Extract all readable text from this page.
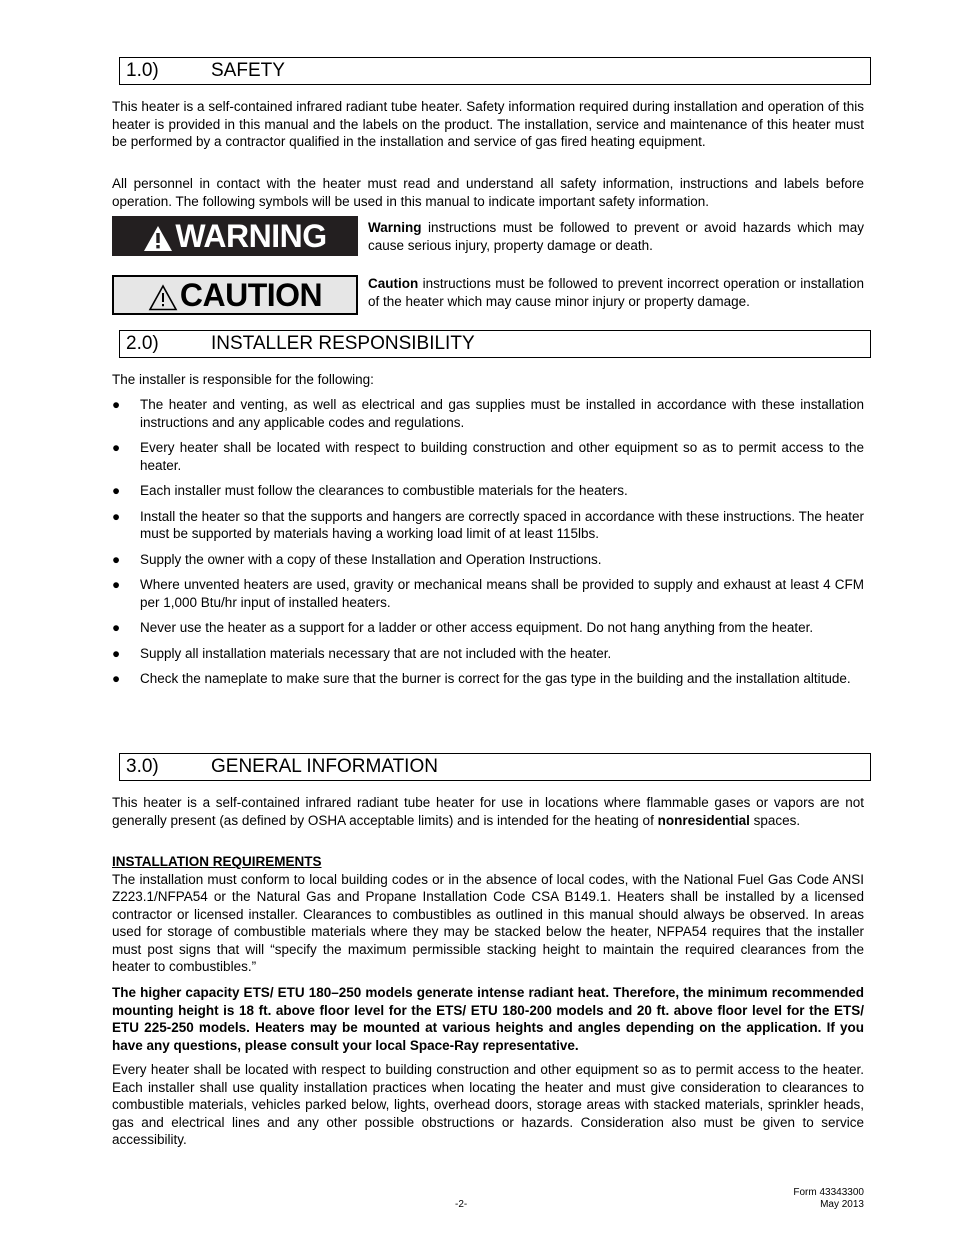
1.0)	SAFETY
This heater is a self-contained infrared radiant tube heater. Safety information required during installation and operation of this heater is provided in this manual and the labels on the product. The installation, service and maintenance of this heater must be performed by a contractor qualified in the installation and service of gas fired heating equipment.
All personnel in contact with the heater must read and understand all safety information, instructions and labels before operation. The following symbols will be used in this manual to indicate important safety information.
WARNING	Warning instructions must be followed to prevent or avoid hazards which may cause serious injury, property damage or death.
CAUTION	Caution instructions must be followed to prevent incorrect operation or installation of the heater which may cause minor injury or property damage.
2.0)	INSTALLER RESPONSIBILITY
The installer is responsible for the following:
● The heater and venting, as well as electrical and gas supplies must be installed in accordance with these installation instructions and any applicable codes and regulations.
● Every heater shall be located with respect to building construction and other equipment so as to permit access to the heater.
● Each installer must follow the clearances to combustible materials for the heaters.
● Install the heater so that the supports and hangers are correctly spaced in accordance with these instructions. The heater must be supported by materials having a working load limit of at least 115lbs.
● Supply the owner with a copy of these Installation and Operation Instructions.
● Where unvented heaters are used, gravity or mechanical means shall be provided to supply and exhaust at least 4 CFM per 1,000 Btu/hr input of installed heaters.
● Never use the heater as a support for a ladder or other access equipment. Do not hang anything from the heater.
● Supply all installation materials necessary that are not included with the heater.
● Check the nameplate to make sure that the burner is correct for the gas type in the building and the installation altitude.
3.0)	GENERAL INFORMATION
This heater is a self-contained infrared radiant tube heater for use in locations where flammable gases or vapors are not generally present (as defined by OSHA acceptable limits) and is intended for the heating of nonresidential spaces.
INSTALLATION REQUIREMENTS
The installation must conform to local building codes or in the absence of local codes, with the National Fuel Gas Code ANSI Z223.1/NFPA54 or the Natural Gas and Propane Installation Code CSA B149.1. Heaters shall be installed by a licensed contractor or licensed installer. Clearances to combustibles as outlined in this manual should always be observed. In areas used for storage of combustible materials where they may be stacked below the heater, NFPA54 requires that the installer must post signs that will “specify the maximum permissible stacking height to maintain the required clearances from the heater to combustibles.”
The higher capacity ETS/ ETU 180–250 models generate intense radiant heat. Therefore, the minimum recommended mounting height is 18 ft. above floor level for the ETS/ ETU 180-200 models and 20 ft. above floor level for the ETS/ ETU 225-250 models. Heaters may be mounted at various heights and angles depending on the application. If you have any questions, please consult your local Space-Ray representative.
Every heater shall be located with respect to building construction and other equipment so as to permit access to the heater. Each installer shall use quality installation practices when locating the heater and must give consideration to clearances to combustible materials, vehicles parked below, lights, overhead doors, storage areas with stacked materials, sprinkler heads, gas and electrical lines and any other possible obstructions or hazards. Consideration also must be given to service accessibility.
-2-
Form 43343300
May 2013
